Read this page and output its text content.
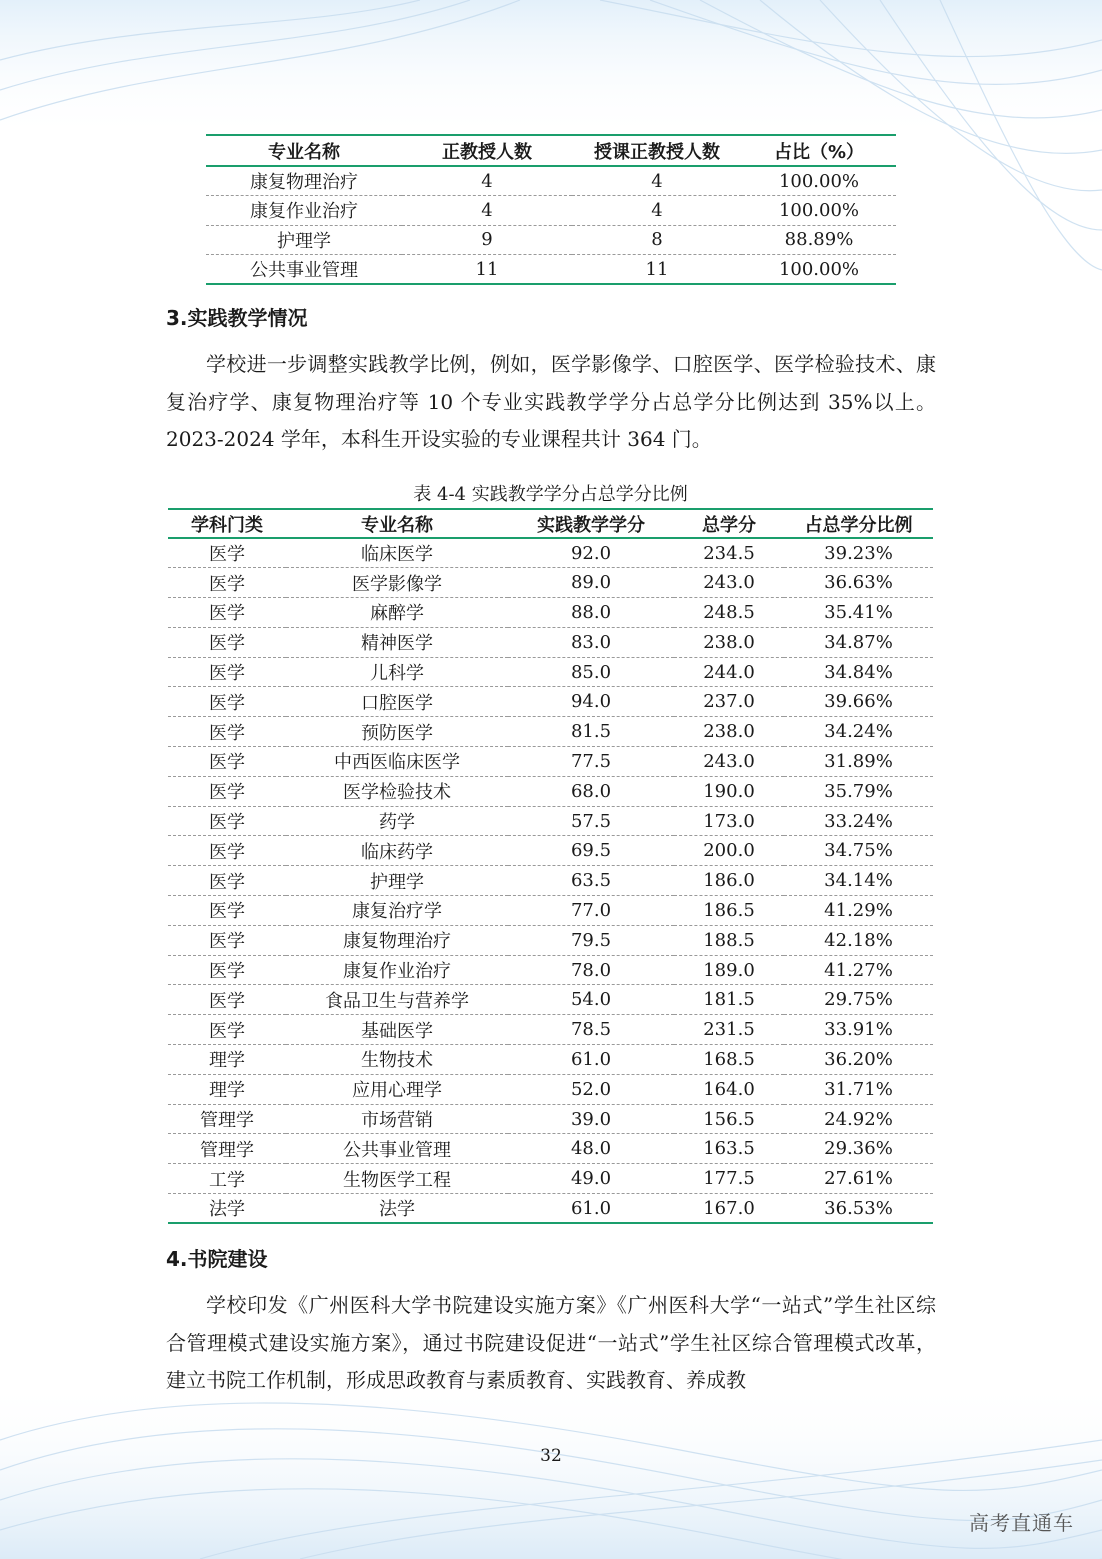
专业名称	正教授人数	授课正教授人数	占比（%）
康复物理治疗	4	4	100.00%
康复作业治疗	4	4	100.00%
护理学	9	8	88.89%
公共事业管理	11	11	100.00%
3.实践教学情况

学校进一步调整实践教学比例，例如，医学影像学、口腔医学、医学检验技术、康复治疗学、康复物理治疗等 10 个专业实践教学学分占总学分比例达到 35%以上。2023-2024 学年，本科生开设实验的专业课程共计 364 门。

表 4-4 实践教学学分占总学分比例
学科门类	专业名称	实践教学学分	总学分	占总学分比例
医学	临床医学	92.0	234.5	39.23%
医学	医学影像学	89.0	243.0	36.63%
医学	麻醉学	88.0	248.5	35.41%
医学	精神医学	83.0	238.0	34.87%
医学	儿科学	85.0	244.0	34.84%
医学	口腔医学	94.0	237.0	39.66%
医学	预防医学	81.5	238.0	34.24%
医学	中西医临床医学	77.5	243.0	31.89%
医学	医学检验技术	68.0	190.0	35.79%
医学	药学	57.5	173.0	33.24%
医学	临床药学	69.5	200.0	34.75%
医学	护理学	63.5	186.0	34.14%
医学	康复治疗学	77.0	186.5	41.29%
医学	康复物理治疗	79.5	188.5	42.18%
医学	康复作业治疗	78.0	189.0	41.27%
医学	食品卫生与营养学	54.0	181.5	29.75%
医学	基础医学	78.5	231.5	33.91%
理学	生物技术	61.0	168.5	36.20%
理学	应用心理学	52.0	164.0	31.71%
管理学	市场营销	39.0	156.5	24.92%
管理学	公共事业管理	48.0	163.5	29.36%
工学	生物医学工程	49.0	177.5	27.61%
法学	法学	61.0	167.0	36.53%
4.书院建设

学校印发《广州医科大学书院建设实施方案》《广州医科大学“一站式”学生社区综合管理模式建设实施方案》，通过书院建设促进“一站式”学生社区综合管理模式改革，建立书院工作机制，形成思政教育与素质教育、实践教育、养成教

32
高考直通车
